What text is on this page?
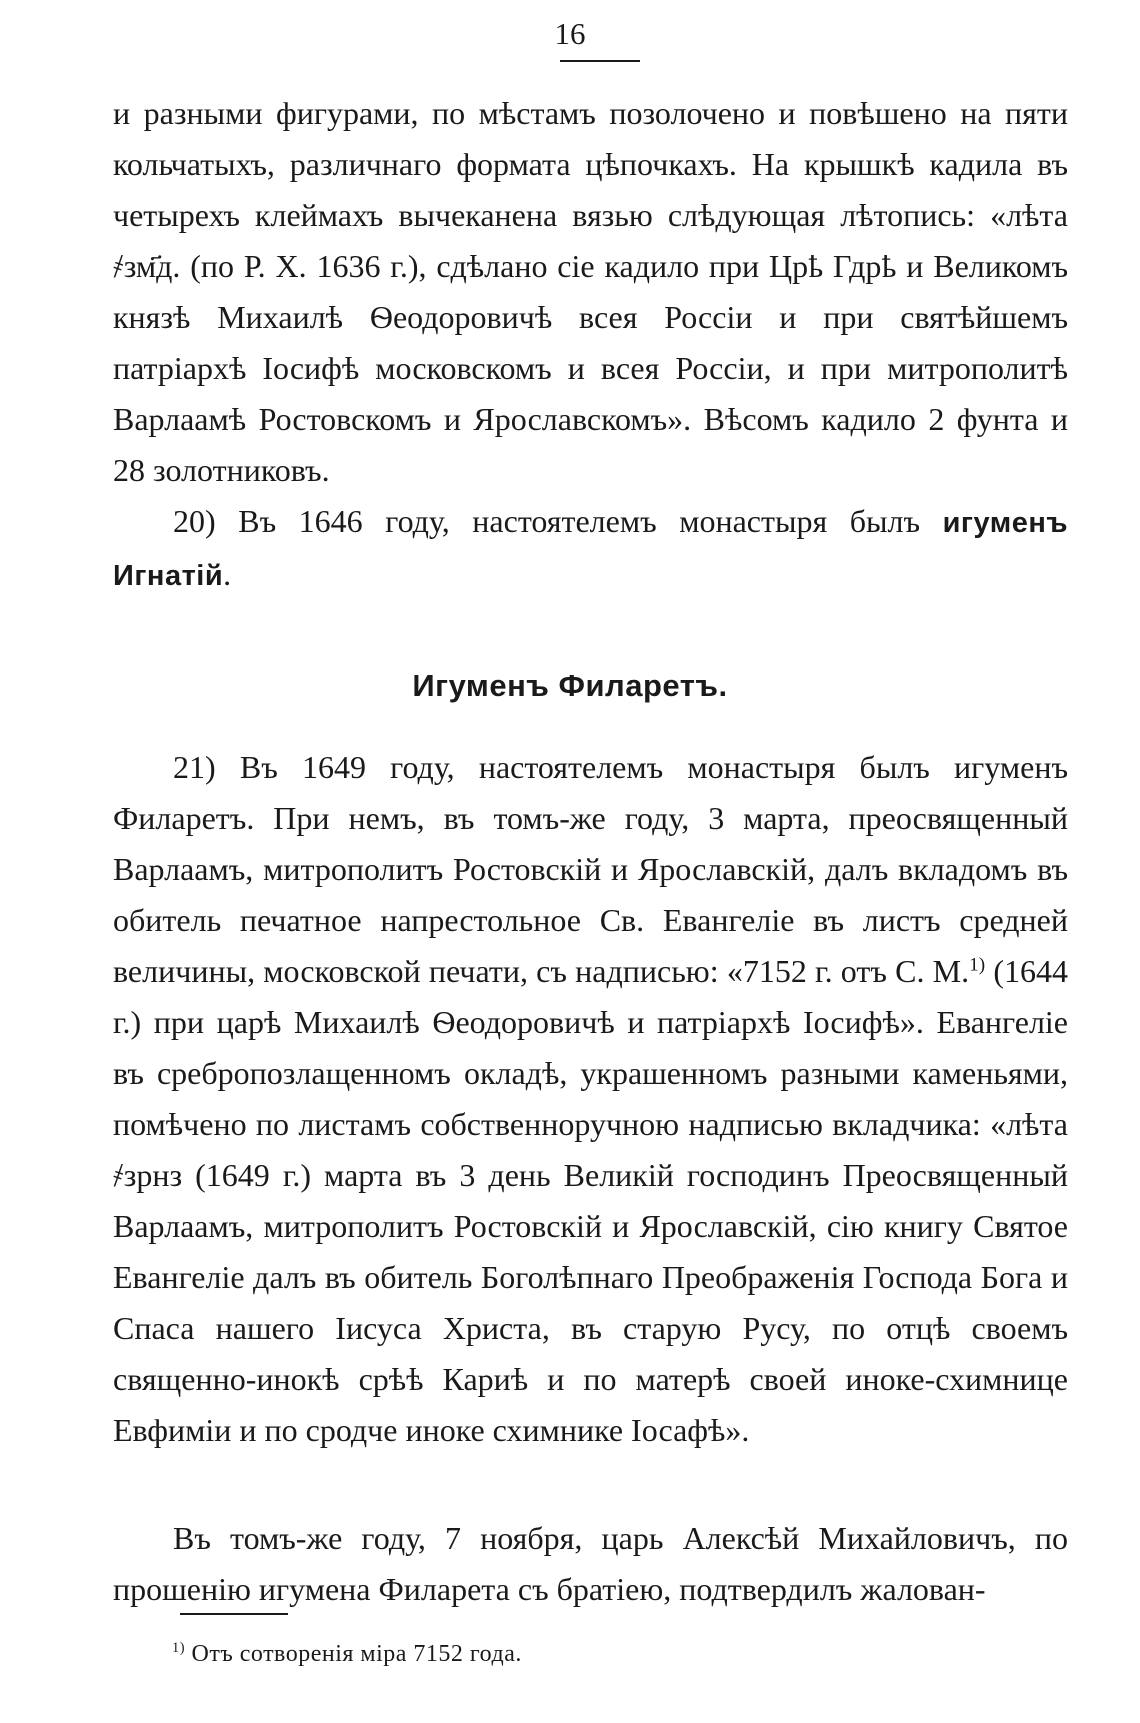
16

и разными фигурами, по мѣстамъ позолочено и повѣшено на пяти кольчатыхъ, различнаго формата цѣпочкахъ. На крышкѣ кадила въ четырехъ клеймахъ вычеканена вязью слѣдующая лѣтопись: «лѣта ҂зм҃д. (по Р. Х. 1636 г.), сдѣлано сіе кадило при Црҍ Гдрҍ и Великомъ князѣ Михаилѣ Ѳеодоровичѣ всея Россіи и при святѣйшемъ патріархѣ Іосифѣ московскомъ и всея Россіи, и при митрополитѣ Варлаамѣ Ростовскомъ и Ярославскомъ». Вѣсомъ кадило 2 фунта и 28 золотниковъ.

20) Въ 1646 году, настоятелемъ монастыря былъ игуменъ Игнатій.

Игуменъ Филаретъ.

21) Въ 1649 году, настоятелемъ монастыря былъ игуменъ Филаретъ. При немъ, въ томъ-же году, 3 марта, преосвященный Варлаамъ, митрополитъ Ростовскій и Ярославскій, далъ вкладомъ въ обитель печатное напрестольное Св. Евангеліе въ листъ средней величины, московской печати, съ надписью: «7152 г. отъ С. М.$^{1)}$ (1644 г.) при царѣ Михаилѣ Ѳеодоровичѣ и патріархѣ Іосифѣ». Евангеліе въ сребропозлащенномъ окладѣ, украшенномъ разными каменьями, помѣчено по листамъ собственноручною надписью вкладчика: «лѣта ҂зрнз (1649 г.) марта въ 3 день Великій господинъ Преосвященный Варлаамъ, митрополитъ Ростовскій и Ярославскій, сію книгу Святое Евангеліе далъ въ обитель Боголѣпнаго Преображенія Господа Бога и Спаса нашего Іисуса Христа, въ старую Русу, по отцѣ своемъ священно-инокѣ срѣѣ Кариѣ и по матерѣ своей иноке-схимнице Евфиміи и по сродче иноке схимнике Іосафѣ».

Въ томъ-же году, 7 ноября, царь Алексѣй Михайловичъ, по прошенію игумена Филарета съ братіею, подтвердилъ жалован-

$^{1)}$ Отъ сотворенія міра 7152 года.
